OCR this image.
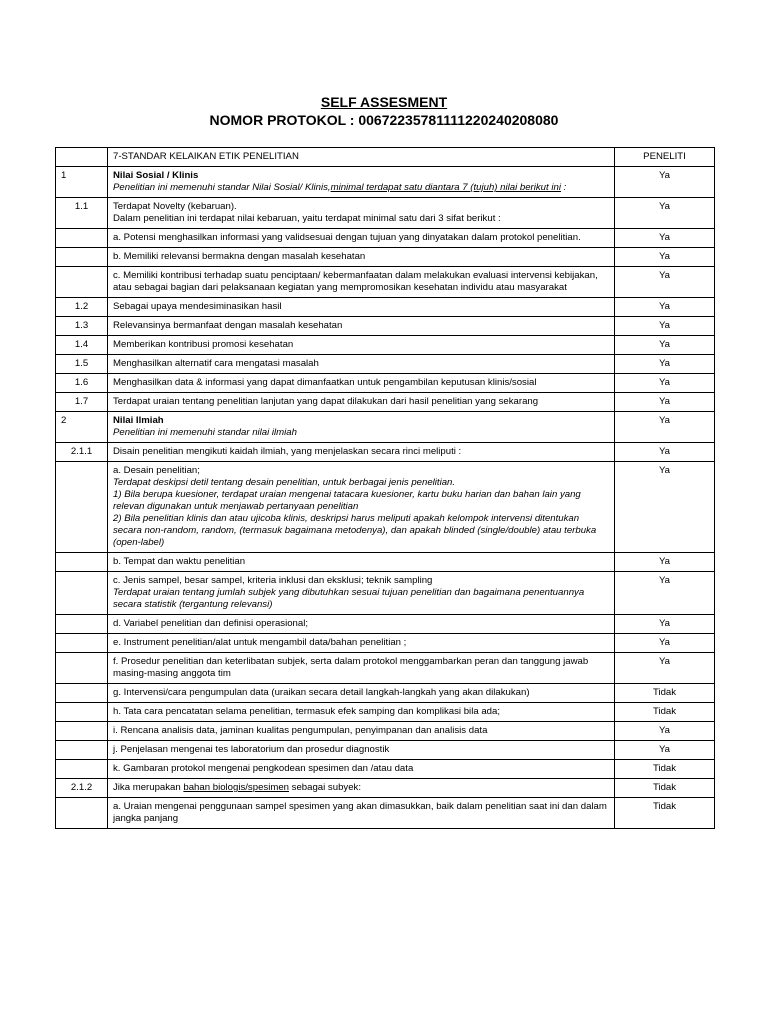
SELF ASSESMENT
NOMOR PROTOKOL : 006722357811112202402080​80
	7-STANDAR KELAIKAN ETIK PENELITIAN	PENELITI
1	Nilai Sosial / Klinis
Penelitian ini memenuhi standar Nilai Sosial/ Klinis,minimal terdapat satu diantara 7 (tujuh) nilai berikut ini :	Ya
1.1	Terdapat Novelty (kebaruan).
Dalam penelitian ini terdapat nilai kebaruan, yaitu terdapat minimal satu dari 3 sifat berikut :	Ya

	a. Potensi menghasilkan informasi yang validsesuai dengan tujuan yang dinyatakan dalam protokol penelitian.	Ya

	b. Memiliki relevansi bermakna dengan masalah kesehatan	Ya

	c. Memiliki kontribusi terhadap suatu penciptaan/ kebermanfaatan dalam melakukan evaluasi intervensi kebijakan, atau sebagai bagian dari pelaksanaan kegiatan yang mempromosikan kesehatan individu atau masyarakat	Ya
1.2	Sebagai upaya mendesiminasikan hasil	Ya
1.3	Relevansinya bermanfaat dengan masalah kesehatan	Ya
1.4	Memberikan kontribusi promosi kesehatan	Ya
1.5	Menghasilkan alternatif cara mengatasi masalah	Ya
1.6	Menghasilkan data & informasi yang dapat dimanfaatkan untuk pengambilan keputusan klinis/sosial	Ya
1.7	Terdapat uraian tentang penelitian lanjutan yang dapat dilakukan dari hasil penelitian yang sekarang	Ya
2	Nilai Ilmiah
Penelitian ini memenuhi standar nilai ilmiah	Ya
2.1.1	Disain penelitian mengikuti kaidah ilmiah, yang menjelaskan secara rinci meliputi :	Ya

	a. Desain penelitian;
Terdapat deskipsi detil tentang desain penelitian, untuk berbagai jenis penelitian.
1) Bila berupa kuesioner, terdapat uraian mengenai tatacara kuesioner, kartu buku harian dan bahan lain yang relevan digunakan untuk menjawab pertanyaan penelitian
2) Bila penelitian klinis dan atau ujicoba klinis, deskripsi harus meliputi apakah kelompok intervensi ditentukan secara non-random, random, (termasuk bagaimana metodenya), dan apakah blinded (single/double) atau terbuka (open-label)	Ya

	b. Tempat dan waktu penelitian	Ya

	c. Jenis sampel, besar sampel, kriteria inklusi dan eksklusi; teknik sampling
Terdapat uraian tentang jumlah subjek yang dibutuhkan sesuai tujuan penelitian dan bagaimana penentuannya secara statistik (tergantung relevansi)	Ya

	d. Variabel penelitian dan definisi operasional;	Ya

	e. Instrument penelitian/alat untuk mengambil data/bahan penelitian ;	Ya

	f. Prosedur penelitian dan keterlibatan subjek, serta dalam protokol menggambarkan peran dan tanggung jawab masing-masing anggota tim	Ya

	g. Intervensi/cara pengumpulan data (uraikan secara detail langkah-langkah yang akan dilakukan)	Tidak

	h. Tata cara pencatatan selama penelitian, termasuk efek samping dan komplikasi bila ada;	Tidak

	i. Rencana analisis data, jaminan kualitas pengumpulan, penyimpanan dan analisis data	Ya

	j. Penjelasan mengenai tes laboratorium dan prosedur diagnostik	Ya

	k. Gambaran protokol mengenai pengkodean spesimen dan /atau data	Tidak
2.1.2	Jika merupakan bahan biologis/spesimen sebagai subyek:	Tidak

	a. Uraian mengenai penggunaan sampel spesimen yang akan dimasukkan, baik dalam penelitian saat ini dan dalam jangka panjang	Tidak
